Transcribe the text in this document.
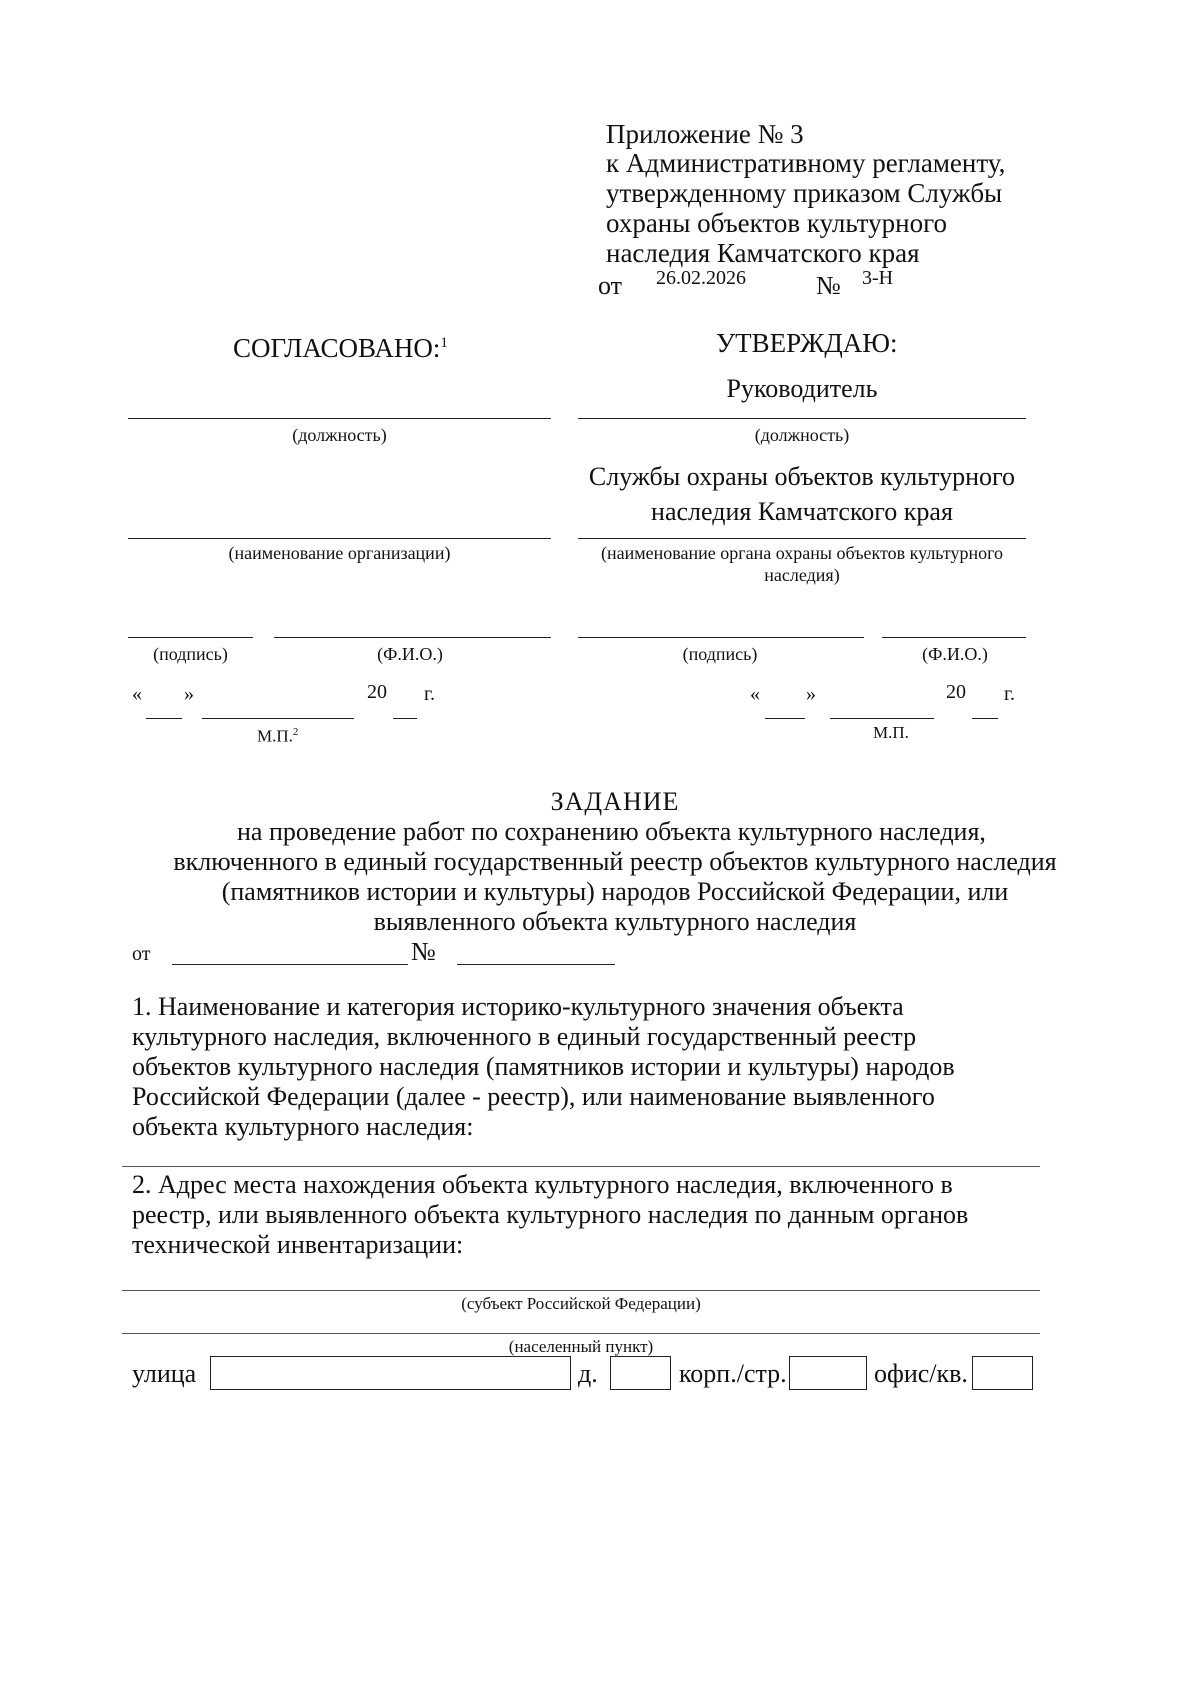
Приложение № 3
к Административному регламенту,
утвержденному приказом Службы
охраны объектов культурного
наследия Камчатского края
от 26.02.2026	№ 3-Н
СОГЛАСОВАНО:$^1$
(должность)
(наименование организации)
(подпись)	(Ф.И.О.)
« »	20 г.
М.П.$^2$
УТВЕРЖДАЮ:
Руководитель
(должность)
Службы охраны объектов культурного
наследия Камчатского края
(наименование органа охраны объектов культурного
наследия)
(подпись)	(Ф.И.О.)
« »	20 г.
М.П.
ЗАДАНИЕ
на проведение работ по сохранению объекта культурного наследия,
включенного в единый государственный реестр объектов культурного наследия
(памятников истории и культуры) народов Российской Федерации, или
выявленного объекта культурного наследия
от	№
1. Наименование и категория историко-культурного значения объекта
культурного наследия, включенного в единый государственный реестр
объектов культурного наследия (памятников истории и культуры) народов
Российской Федерации (далее - реестр), или наименование выявленного
объекта культурного наследия:
2. Адрес места нахождения объекта культурного наследия, включенного в
реестр, или выявленного объекта культурного наследия по данным органов
технической инвентаризации:
(субъект Российской Федерации)
(населенный пункт)
улица	д.	корп./стр.	офис/кв.
